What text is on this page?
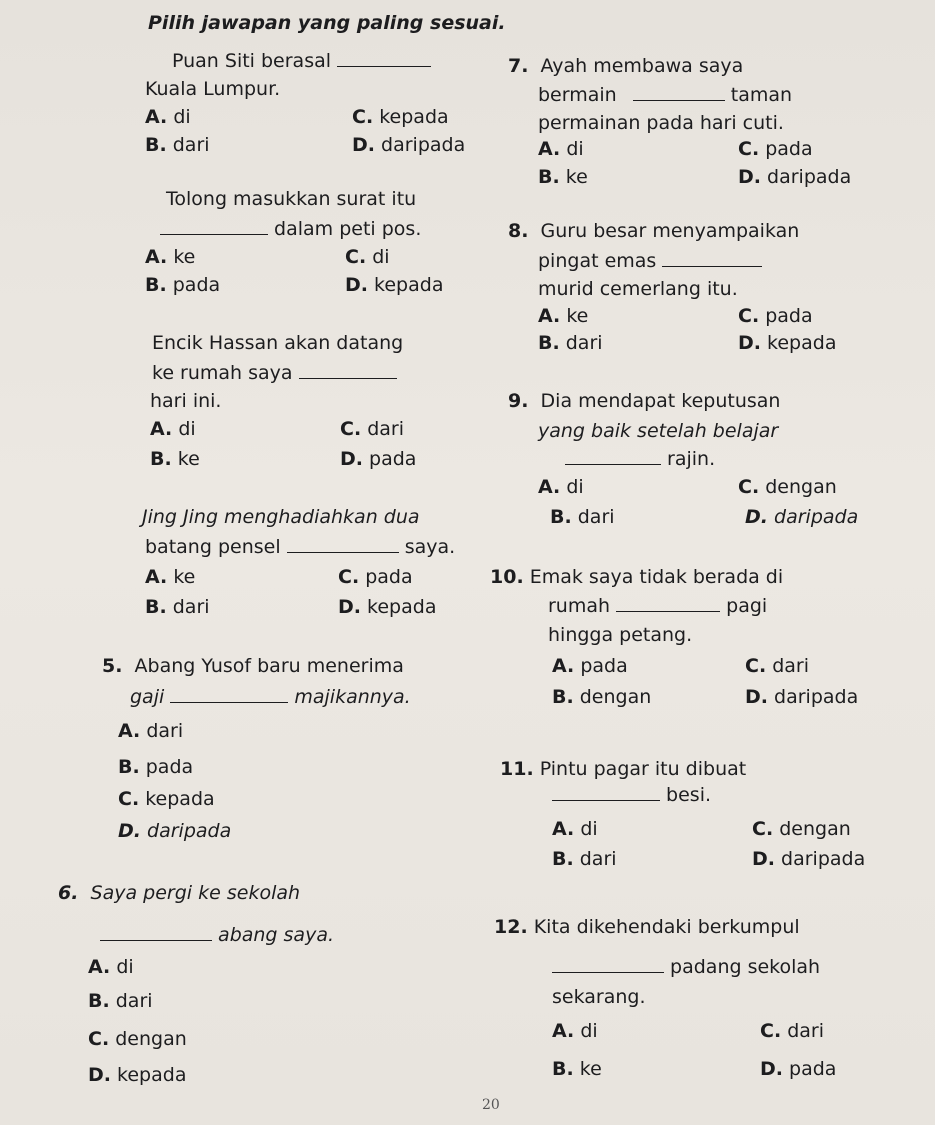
Pilih jawapan yang paling sesuai.
Puan Siti berasal
Kuala Lumpur.
A. di	C. kepada
B. dari	D. daripada
Tolong masukkan surat itu
dalam peti pos.
A. ke	C. di
B. pada	D. kepada
Encik Hassan akan datang
ke rumah saya
hari ini.
A. di	C. dari
B. ke	D. pada
Jing Jing menghadiahkan dua
batang pensel	saya.
A. ke	C. pada
B. dari	D. kepada
5. Abang Yusof baru menerima
gaji	majikannya.
A. dari
B. pada
C. kepada
D. daripada
6. Saya pergi ke sekolah
abang saya.
A. di
B. dari
C. dengan
D. kepada
7. Ayah membawa saya
bermain	taman
permainan pada hari cuti.
A. di	C. pada
B. ke	D. daripada
8. Guru besar menyampaikan
pingat emas
murid cemerlang itu.
A. ke	C. pada
B. dari	D. kepada
9. Dia mendapat keputusan
yang baik setelah belajar
rajin.
A. di	C. dengan
B. dari	D. daripada
10. Emak saya tidak berada di
rumah	pagi
hingga petang.
A. pada	C. dari
B. dengan	D. daripada
11. Pintu pagar itu dibuat
besi.
A. di	C. dengan
B. dari	D. daripada
12. Kita dikehendaki berkumpul
padang sekolah
sekarang.
A. di	C. dari
B. ke	D. pada
20
